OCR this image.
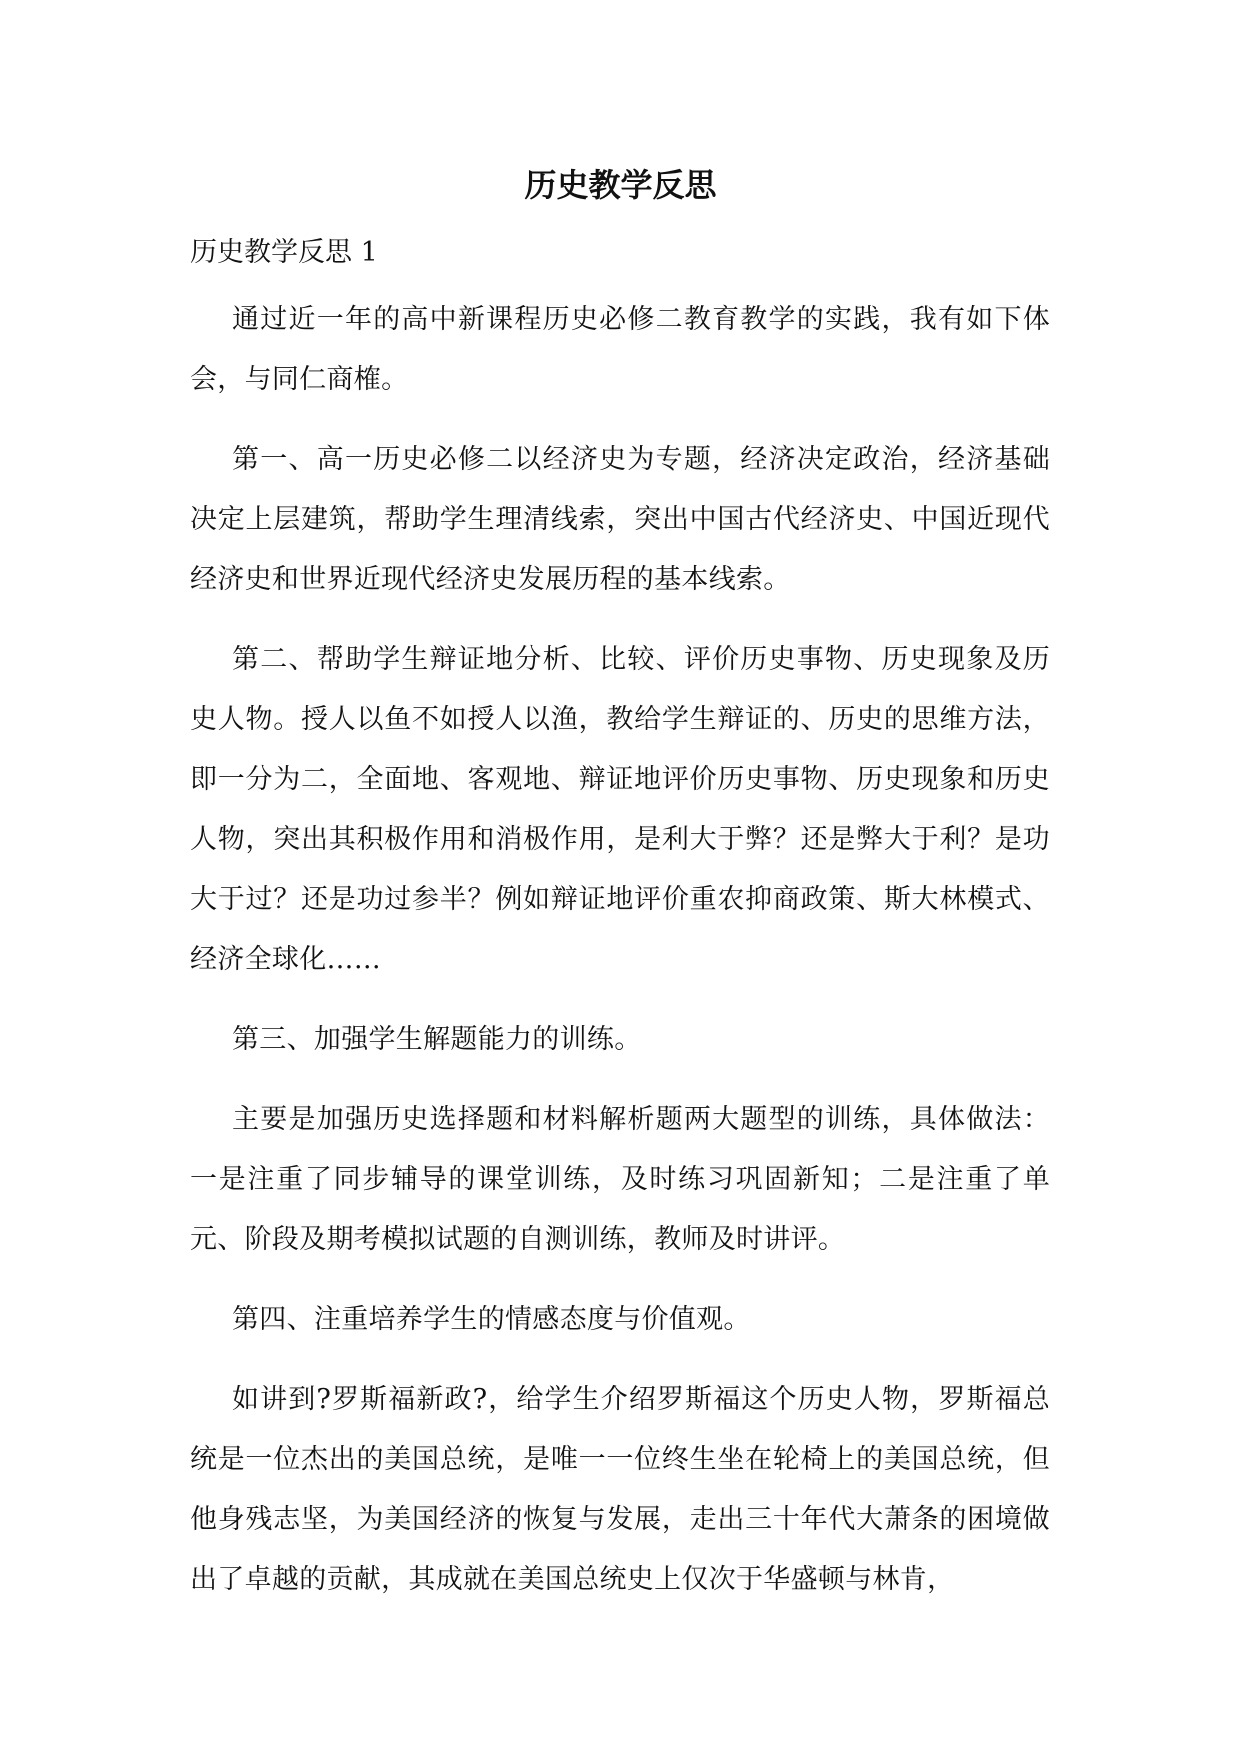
历史教学反思

历史教学反思 1

通过近一年的高中新课程历史必修二教育教学的实践，我有如下体会，与同仁商榷。

第一、高一历史必修二以经济史为专题，经济决定政治，经济基础决定上层建筑，帮助学生理清线索，突出中国古代经济史、中国近现代经济史和世界近现代经济史发展历程的基本线索。

第二、帮助学生辩证地分析、比较、评价历史事物、历史现象及历史人物。授人以鱼不如授人以渔，教给学生辩证的、历史的思维方法，即一分为二，全面地、客观地、辩证地评价历史事物、历史现象和历史人物，突出其积极作用和消极作用，是利大于弊？还是弊大于利？是功大于过？还是功过参半？例如辩证地评价重农抑商政策、斯大林模式、经济全球化……

第三、加强学生解题能力的训练。

主要是加强历史选择题和材料解析题两大题型的训练，具体做法：一是注重了同步辅导的课堂训练，及时练习巩固新知；二是注重了单元、阶段及期考模拟试题的自测训练，教师及时讲评。

第四、注重培养学生的情感态度与价值观。

如讲到?罗斯福新政?，给学生介绍罗斯福这个历史人物，罗斯福总统是一位杰出的美国总统，是唯一一位终生坐在轮椅上的美国总统，但他身残志坚，为美国经济的恢复与发展，走出三十年代大萧条的困境做出了卓越的贡献，其成就在美国总统史上仅次于华盛顿与林肯，
